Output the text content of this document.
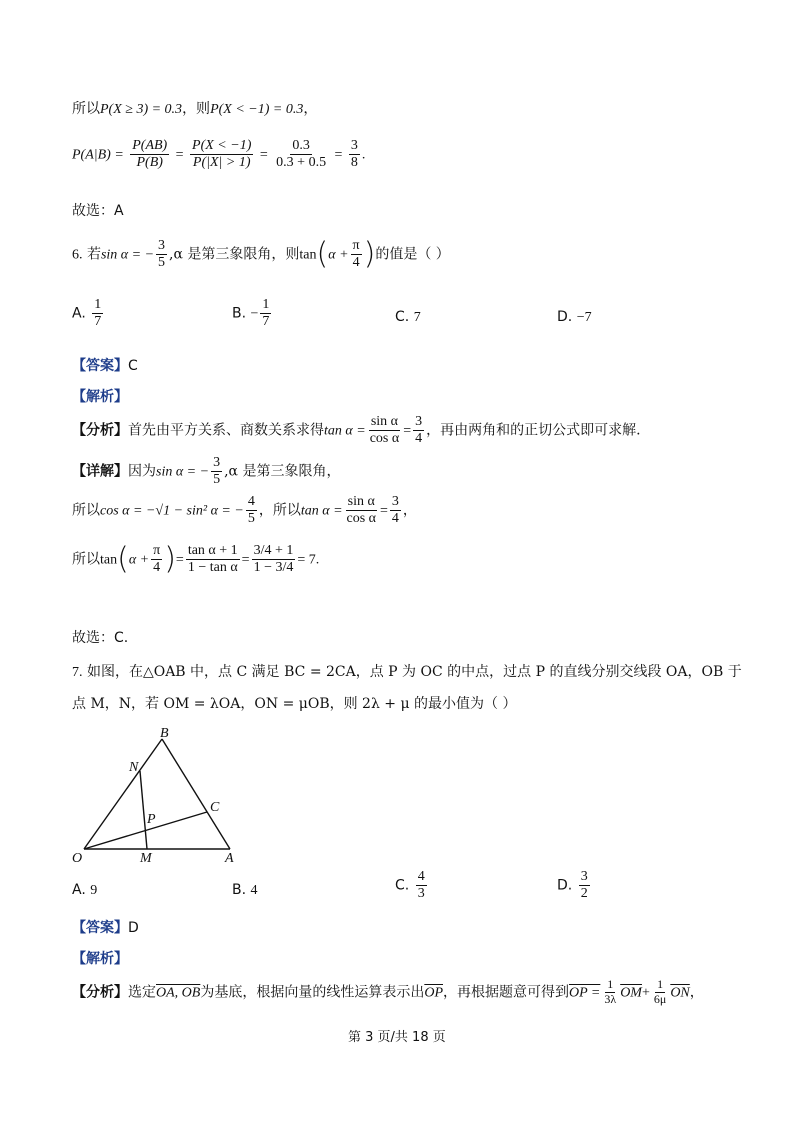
所以P(X ≥ 3) = 0.3，则P(X < −1) = 0.3，
$P(A|B) = \frac{P(AB)}{P(B)} = \frac{P(X < -1)}{P(|X| > 1)} = \frac{0.3}{0.3 + 0.5} = \frac{3}{8}$ .
故选：A
6. 若sin α = − $\frac{3}{5} ,\alpha$ 是第三象限角，则$\tan(\alpha + \frac{\pi}{4}$ )的值是（ ）
A. $\frac{1}{7}$	B. − $\frac{1}{7}$	C. 7	D. −7
【答案】C
【解析】
【分析】首先由平方关系、商数关系求得$\tan \alpha = \frac{\text{sin α}}{\text{cos α}} = \frac{3}{4}$ ，再由两角和的正切公式即可求解.
【详解】因为sin α = − $\frac{3}{5} ,\alpha$ 是第三象限角，
所以cos α = −√1 − sin² α = − $\frac{4}{5}$ ，所以$\tan \alpha = \frac{\text{sin α}}{\text{cos α}} = \frac{3}{4}$ ，
所以$\tan(\alpha + \frac{\pi}{4}$ )= $\frac{\text{tan α + 1}}{\text{1 − tan α}} = \frac{3/4 + 1}{1 - 3/4} = 7$.
故选：C.
7. 如图，在△OAB 中，点 C 满足 BC = 2CA，点 P 为 OC 的中点，过点 P 的直线分别交线段 OA，OB 于
点 M，N，若 OM = λOA，ON = μOB，则 2λ + μ 的最小值为（ ）
B
N
C
P
O	M	A
A. 9	B. 4	C. $\frac{4}{3}$	D. $\frac{3}{2}$
【答案】D
【解析】
【分析】选定OA, OB为基底，根据向量的线性运算表示出$\overline{OP}$，再根据题意可得到OP = $\frac{1}{3\lambda} \overline{OM}+ \frac{1}{6\mu} \overline{ON}$，
第 3 页/共 18 页
